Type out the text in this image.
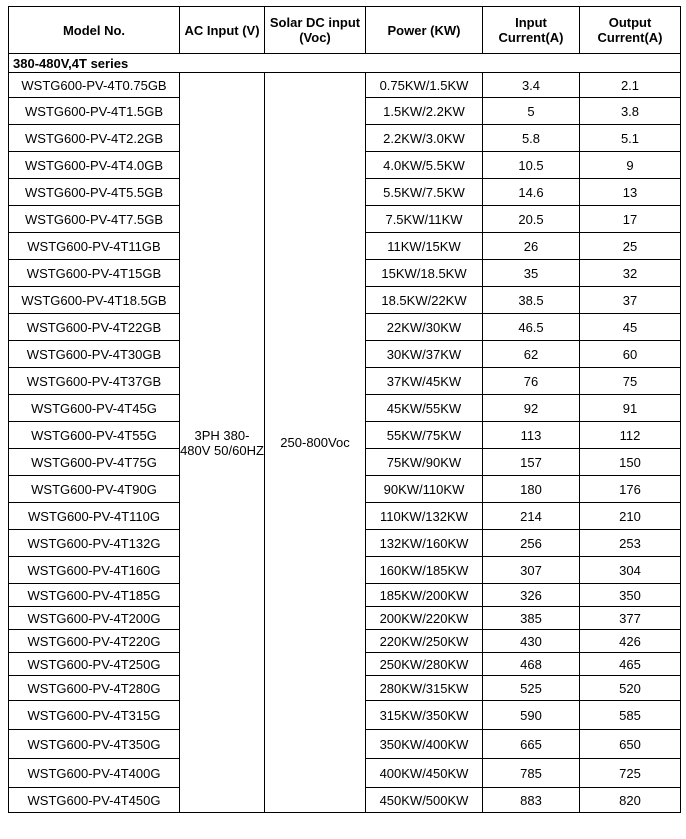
Model No.	AC Input (V)	Solar DC input (Voc)	Power (KW)	Input Current(A)	Output Current(A)
380-480V,4T series					
WSTG600-PV-4T0.75GB	3PH 380-480V 50/60HZ	250-800Voc	0.75KW/1.5KW	3.4	2.1
WSTG600-PV-4T1.5GB			1.5KW/2.2KW	5	3.8
WSTG600-PV-4T2.2GB			2.2KW/3.0KW	5.8	5.1
WSTG600-PV-4T4.0GB			4.0KW/5.5KW	10.5	9
WSTG600-PV-4T5.5GB			5.5KW/7.5KW	14.6	13
WSTG600-PV-4T7.5GB			7.5KW/11KW	20.5	17
WSTG600-PV-4T11GB			11KW/15KW	26	25
WSTG600-PV-4T15GB			15KW/18.5KW	35	32
WSTG600-PV-4T18.5GB			18.5KW/22KW	38.5	37
WSTG600-PV-4T22GB			22KW/30KW	46.5	45
WSTG600-PV-4T30GB			30KW/37KW	62	60
WSTG600-PV-4T37GB			37KW/45KW	76	75
WSTG600-PV-4T45G			45KW/55KW	92	91
WSTG600-PV-4T55G			55KW/75KW	113	112
WSTG600-PV-4T75G			75KW/90KW	157	150
WSTG600-PV-4T90G			90KW/110KW	180	176
WSTG600-PV-4T110G			110KW/132KW	214	210
WSTG600-PV-4T132G			132KW/160KW	256	253
WSTG600-PV-4T160G			160KW/185KW	307	304
WSTG600-PV-4T185G			185KW/200KW	326	350
WSTG600-PV-4T200G			200KW/220KW	385	377
WSTG600-PV-4T220G			220KW/250KW	430	426
WSTG600-PV-4T250G			250KW/280KW	468	465
WSTG600-PV-4T280G			280KW/315KW	525	520
WSTG600-PV-4T315G			315KW/350KW	590	585
WSTG600-PV-4T350G			350KW/400KW	665	650
WSTG600-PV-4T400G			400KW/450KW	785	725
WSTG600-PV-4T450G			450KW/500KW	883	820
